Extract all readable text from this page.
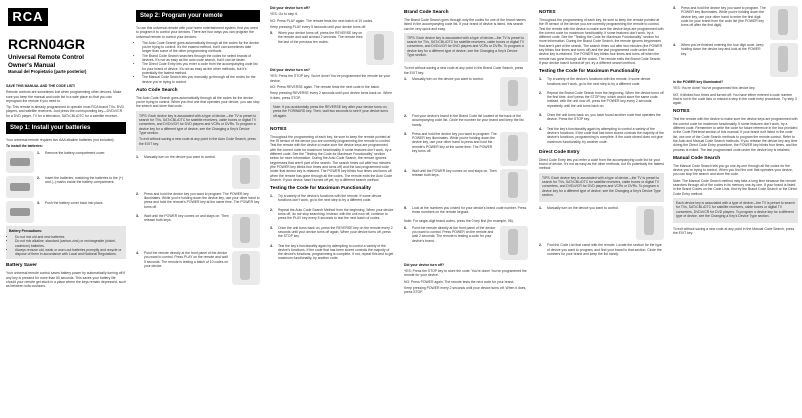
RCA
RCRN04GR
Universal Remote Control
Owner's Manual
Manual del Propietario (parte posterior)

SAVE THIS MANUAL AND THE CODE LIST!

Remote controls are sometimes lost when programming other devices. Make sure you keep the manual and code list in a safe place so that you can reprogram the remote if you need to.

Tip: This remote is already programmed to operate most RCA brand TVs, DVD players, and satellite receivers. Just press the corresponding key—DVD•VCR for a DVD player, TV for a television, SAT•CBL•DTC for a satellite receiver.

Step 1: Install your batteries

Your universal remote requires two AAA alkaline batteries (not included).

To install the batteries:

1.	Remove the battery compartment cover.
2.	Insert the batteries, matching the batteries to the (+) and (–) marks inside the battery compartment.
3.	Push the battery cover back into place.

Battery Precautions:

• Do not mix old and new batteries.
• Do not mix alkaline, standard (carbon-zinc) or rechargeable (nickel-cadmium) batteries.
• Always remove old, weak or worn-out batteries promptly and recycle or dispose of them in accordance with Local and National Regulations.
Battery Saver

Your universal remote control saves battery power by automatically turning off if any key is pressed for more than 60 seconds. This saves your battery life should your remote get stuck in a place where the keys remain depressed, such as between sofa cushions.

Step 2: Program your remote

To use this universal remote with your home entertainment system, first you need to program it to control your devices. There are four ways you can program the universal remote to control your devices:

• The Auto Code Search goes automatically through all the codes for the device you're trying to control. It's the easiest method, but it can sometimes take longer than some of the other programming methods.
• The Brand Code Search searches through the codes for select brands of devices. It's not as easy as the auto code search, but it can be faster.
• The Direct Code Entry lets you enter a code from the accompanying code list for your brand of device. It's not as easy as the other methods, but it's potentially the fastest method.
• The Manual Code Search lets you manually go through all the codes for the device you're trying to control.
Auto Code Search

The Auto Code Search goes automatically through all the codes for the device you're trying to control. When you find one that operates your device, you can stop the search and store that code.

TIPS: Each device key is associated with a type of device—the TV is preset to search for TVs, SAT•CBL•DTC for satellite receivers, cable boxes or digital TV converters, and DVD•VCR for DVD players and VCRs or DVRs. To program a device key for a different type of device, see the Changing a Key's Device Type section.

To exit without saving a new code at any point in the Auto Code Search, press the EXIT key.

1.	Manually turn on the device you want to control.
2.	Press and hold the device key you want to program. The POWER key illuminates. While you're holding down the device key, use your other hand to press and hold the remote's POWER key at the same time. The POWER key turns off.
3.	Wait until the POWER key comes on and stays on. Then release both keys.
4.	Point the remote directly at the front panel of the device you want to control. Press PLAY on the remote and wait 5 seconds. The remote is testing a batch of 10 codes on your device.

Did your device turn off?

YES: Go to step 6.

NO: Press PLAY again. The remote tests the next batch of 10 codes.

Keep pressing PLAY every 5 seconds until your device turns off.

5.	When your device turns off, press the REVERSE key on the remote and wait at least 2 seconds. The remote tries the last of the previous ten codes.

Did your device turn on?

YES: Press the STOP key. You're done! You've programmed the remote for your device.

NO: Press REVERSE again. The remote tests the next code in the batch.

Keep pressing REVERSE every 2 seconds until your device turns back on. When it does, press STOP.

Note: If you accidentally press the REVERSE key after your device turns on, press the FORWARD key. Then, wait two seconds to see if your device turns off again.

NOTES

Throughout the programming of each key, be sure to keep the remote pointed at the IR sensor of the device you are currently programming the remote to control. Test the remote with the device to make sure the device keys are programmed with the correct code for maximum functionality. If some features don't work, try a different code. See the "Testing the Code for Maximum Functionality" section below for more information. During the Auto Code Search, the remote ignores keypresses that aren't part of the search. The search times out after two minutes (the POWER key blinks four times and turns off) and the last programmed code under that device key is retained. The POWER key blinks four times and turns off when the remote has gone through all the codes. The remote exits the Auto Code Search. If your device hasn't turned off yet, try a different search method.

Testing the Code for Maximum Functionality
1.	Try a variety of the device's functions with the remote. If some device functions don't work, go to the next step to try a different code.
2.	Repeat the Auto Code Search Method from the beginning. When your device turns off, do not stop searching. Instead, with the unit now off, continue to press the PLAY key every 5 seconds to test the next batch of codes.
3.	Once the unit turns back on, press the REVERSE key on the remote every 2 seconds until your device turns off again. When your device turns off, press the STOP key.
4.	Test the key's functionality again by attempting to control a variety of the device's functions. If the code that has been stored controls the majority of the device's functions, programming is complete. If not, repeat this test to get maximum functionality, by another code.
Brand Code Search

The Brand Code Search goes through only the codes for one of the brand names listed in the accompanying code list. If your brand of device is listed, this search can be very quick and easy.

TIPS: Each device key is associated with a type of device—the TV is preset to search for TVs, SAT•CBL•DTC for satellite receivers, cable boxes or digital TV converters, and DVD•VCR for DVD players and VCRs or DVRs. To program a device key for a different type of device, see the Changing a Key's Device Type section.

To exit without saving a new code at any point in the Brand Code Search, press the EXIT key.

1.	Manually turn on the device you want to control.
2.	Find your device's brand in the Brand Code list located at the back of the accompanying code list. Circle the number for your brand and keep the list handy.
3.	Press and hold the device key you want to program. The POWER key illuminates. While you're holding down the device key, use your other hand to press and hold the remote's POWER key at the same time. The POWER key turns off.
4.	Wait until the POWER key comes on and stays on. Then release both keys.
5.	Look at the numbers you circled for your device's brand code number. Press those numbers on the remote keypad.

Note: For single-digit brand codes, press the 0 key first (for example, 06).

6.	Point the remote directly at the front panel of the device you want to control. Press POWER on the remote and wait 2 seconds. The remote is testing a code for your device's brand.

Did your device turn off?

YES: Press the STOP key to store the code. You're done! You've programmed the remote for your device.

NO: Press POWER again. The remote tests the next code for your brand.

Keep pressing POWER every 2 seconds until your device turns off. When it does, press STOP.

NOTES

Throughout the programming of each key, be sure to keep the remote pointed at the IR sensor of the device you are currently programming the remote to control. Test the remote with the device to make sure the device keys are programmed with the correct code for maximum functionality. If some features don't work, try a different code. See the "Testing the Code for Maximum Functionality" section for more information. During the Brand Code Search, the remote ignores keypresses that aren't part of the search. The search times out after two minutes (the POWER key blinks four times and turns off) and the last programmed code under that device key is retained. The POWER key blinks four times and turns off when the remote has gone through all the codes. The remote exits the Brand Code Search. If your device hasn't turned off yet, try a different search method.

Testing the Code for Maximum Functionality
1.	Try a variety of the device's functions with the remote. If some device functions don't work, go to the next step to try a different code.
2.	Repeat the Brand Code Search from the beginning. When the device turns off the first time, don't press the STOP key, which would store the same code. Instead, with the unit now off, press the POWER key every 2 seconds, repeatedly until the unit turns back on.
3.	Once the unit turns back on, you have found another code that operates the device. Press the STOP key.
4.	Test the key's functionality again by attempting to control a variety of the device's functions. If the code that has been stored controls the majority of the device's functions, programming is complete. If the code stored does not give maximum functionality, try another code.
Direct Code Entry

Direct Code Entry lets you enter a code from the accompanying code list for your brand of device. It's not as easy as the other methods, but it's potentially the fastest method.

TIPS: Each device key is associated with a type of device—the TV is preset to search for TVs, SAT•CBL•DTC for satellite receivers, cable boxes or digital TV converters, and DVD•VCR for DVD players and VCRs or DVRs. To program a device key for a different type of device, see the Changing a Key's Device Type section.

1.	Manually turn on the device you want to control.
2.	Find the Code List that came with the remote. Locate the section for the type of device you want to program, and find your brand in that section. Circle the numbers for your brand and keep the list handy.
3.	Press and hold the device key you want to program. The POWER key illuminates. While you're holding down the device key, use your other hand to enter the first digit code for your brand from the code list (the POWER key turns off after the first digit).
4.	When you've finished entering the four digit code, keep holding down the device key and look at the POWER key.

Is the POWER key illuminated?

YES: You're done! You've programmed this device key.

NO, it blinked four times and turned off: You have either entered a code number that is not in the code lists or missed a step in the code entry procedure. Try step 3 again.

NOTES

Test the remote with the device to make sure the device keys are programmed with the correct code for maximum functionality. If some features don't work, try a different code. Remember to write the code for future reference in the box provided in the Code Retrieval section of this manual. If your brand isn't listed in the code list, use one of the Code Search methods to program the remote control. Refer to the Auto and Manual Code Search methods. If you release the device key any time during the Direct Code Entry procedure, the POWER key blinks four times, and the process is exited. The last programmed code under the device key is retained.

Manual Code Search

The Manual Code Search lets you go one-by-one through all the codes for the device you're trying to control. When you find the one that operates your device, you can stop the search and store the code.

Note: The Manual Code Search method may take a long time because the remote searches through all of the codes in its memory one-by-one. If your brand is listed in the Brand Codes on the Code Lists, first try the Brand Code Search or the Direct Code Entry method.

Each device key is associated with a type of device—the TV is preset to search for TVs, SAT•CBL•DTC for satellite receivers, cable boxes or digital TV converters, DVD•VCR for DVD players. To program a device key for a different type of device, see the Changing a Key's Device Type section.

To exit without saving a new code at any point in the Manual Code Search, press the EXIT key.
